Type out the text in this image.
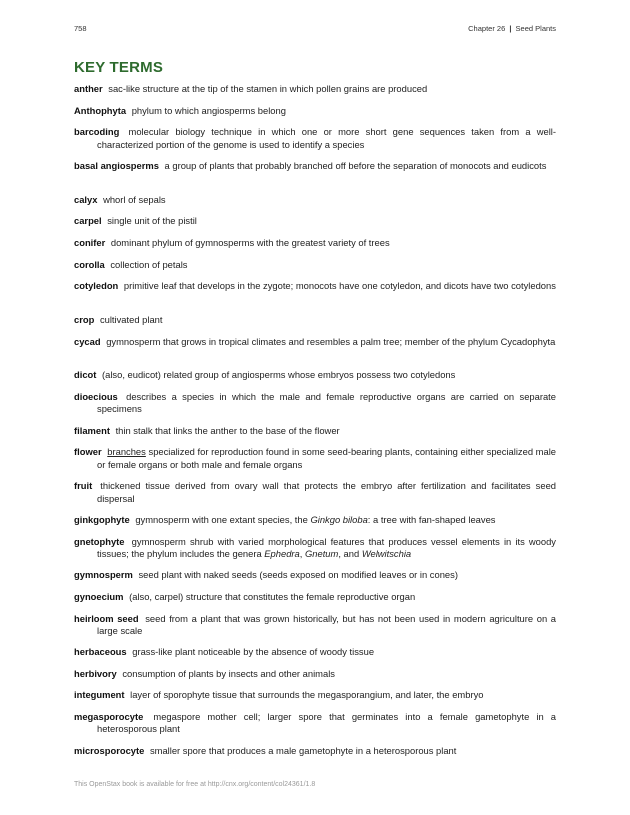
758	Chapter 26 | Seed Plants
KEY TERMS

anther sac-like structure at the tip of the stamen in which pollen grains are produced

Anthophyta phylum to which angiosperms belong

barcoding molecular biology technique in which one or more short gene sequences taken from a well-characterized portion of the genome is used to identify a species

basal angiosperms a group of plants that probably branched off before the separation of monocots and eudicots

calyx whorl of sepals

carpel single unit of the pistil

conifer dominant phylum of gymnosperms with the greatest variety of trees

corolla collection of petals

cotyledon primitive leaf that develops in the zygote; monocots have one cotyledon, and dicots have two cotyledons

crop cultivated plant

cycad gymnosperm that grows in tropical climates and resembles a palm tree; member of the phylum Cycadophyta

dicot (also, eudicot) related group of angiosperms whose embryos possess two cotyledons

dioecious describes a species in which the male and female reproductive organs are carried on separate specimens

filament thin stalk that links the anther to the base of the flower

flower branches specialized for reproduction found in some seed-bearing plants, containing either specialized male or female organs or both male and female organs

fruit thickened tissue derived from ovary wall that protects the embryo after fertilization and facilitates seed dispersal

ginkgophyte gymnosperm with one extant species, the Ginkgo biloba: a tree with fan-shaped leaves

gnetophyte gymnosperm shrub with varied morphological features that produces vessel elements in its woody tissues; the phylum includes the genera Ephedra, Gnetum, and Welwitschia

gymnosperm seed plant with naked seeds (seeds exposed on modified leaves or in cones)

gynoecium (also, carpel) structure that constitutes the female reproductive organ

heirloom seed seed from a plant that was grown historically, but has not been used in modern agriculture on a large scale

herbaceous grass-like plant noticeable by the absence of woody tissue

herbivory consumption of plants by insects and other animals

integument layer of sporophyte tissue that surrounds the megasporangium, and later, the embryo

megasporocyte megaspore mother cell; larger spore that germinates into a female gametophyte in a heterosporous plant

microsporocyte smaller spore that produces a male gametophyte in a heterosporous plant

This OpenStax book is available for free at http://cnx.org/content/col24361/1.8
